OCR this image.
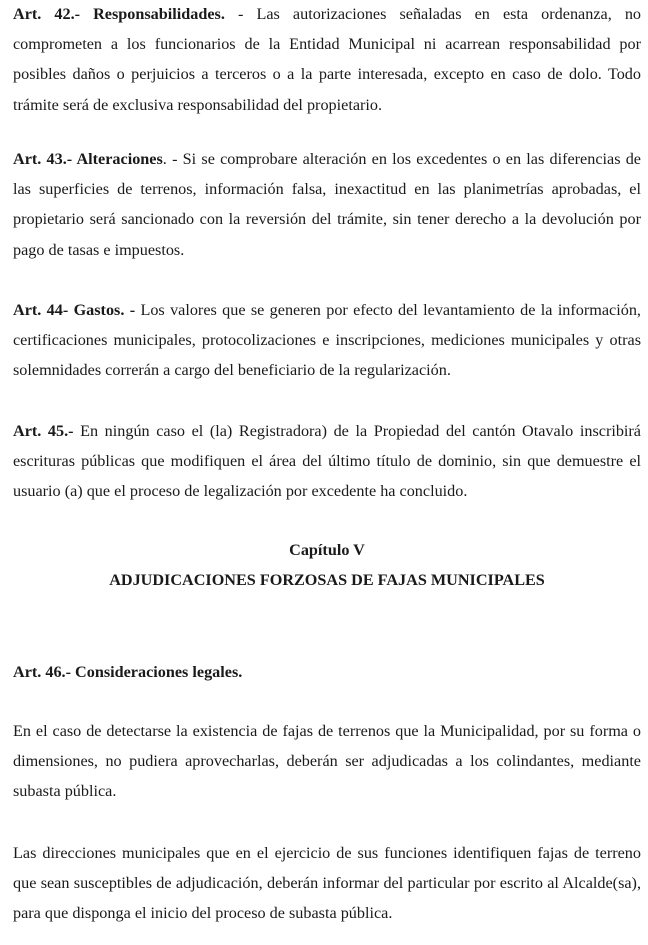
Art. 42.- Responsabilidades. - Las autorizaciones señaladas en esta ordenanza, no comprometen a los funcionarios de la Entidad Municipal ni acarrean responsabilidad por posibles daños o perjuicios a terceros o a la parte interesada, excepto en caso de dolo. Todo trámite será de exclusiva responsabilidad del propietario.

Art. 43.- Alteraciones. - Si se comprobare alteración en los excedentes o en las diferencias de las superficies de terrenos, información falsa, inexactitud en las planimetrías aprobadas, el propietario será sancionado con la reversión del trámite, sin tener derecho a la devolución por pago de tasas e impuestos.

Art. 44- Gastos. - Los valores que se generen por efecto del levantamiento de la información, certificaciones municipales, protocolizaciones e inscripciones, mediciones municipales y otras solemnidades correrán a cargo del beneficiario de la regularización.

Art. 45.- En ningún caso el (la) Registradora) de la Propiedad del cantón Otavalo inscribirá escrituras públicas que modifiquen el área del último título de dominio, sin que demuestre el usuario (a) que el proceso de legalización por excedente ha concluido.

Capítulo V

ADJUDICACIONES FORZOSAS DE FAJAS MUNICIPALES

Art. 46.- Consideraciones legales.

En el caso de detectarse la existencia de fajas de terrenos que la Municipalidad, por su forma o dimensiones, no pudiera aprovecharlas, deberán ser adjudicadas a los colindantes, mediante subasta pública.

Las direcciones municipales que en el ejercicio de sus funciones identifiquen fajas de terreno que sean susceptibles de adjudicación, deberán informar del particular por escrito al Alcalde(sa), para que disponga el inicio del proceso de subasta pública.
